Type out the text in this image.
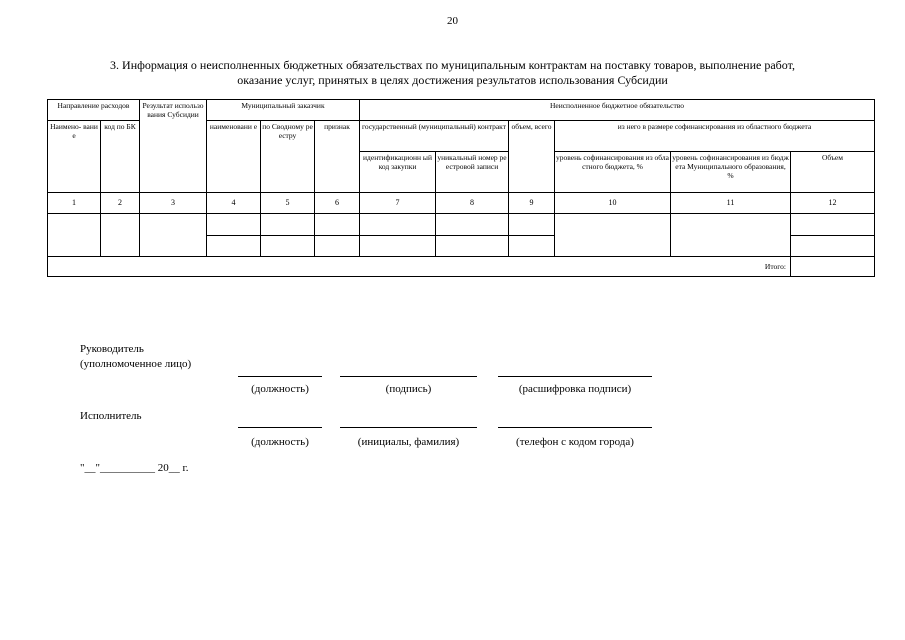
20
3. Информация о неисполненных бюджетных обязательствах по муниципальным контрактам на поставку товаров, выполнение работ,
оказание услуг, принятых в целях достижения результатов использования Субсидии
Направление расходов		Результат использования Субсидии	Муниципальный заказчик			Неисполненное бюджетное обязательство					
Наимено- вание	код по БК		наименовани е	по Сводному реестру	признак	государственный (муниципальный) контракт		объем, всего	из него в размере софинансирования из областного бюджета		
						идентификационн ый код закупки	уникальный номер реестровой записи		уровень софинансирования из областного бюджета, %	уровень софинансирования из бюджета Муниципального образования, %	Объем
1	2	3	4	5	6	7	8	9	10	11	12

Итого:											
Руководитель
(уполномоченное лицо)
(должность)	(подпись)	(расшифровка подписи)
Исполнитель
(должность)	(инициалы, фамилия)	(телефон с кодом города)
"__"__________ 20__ г.
